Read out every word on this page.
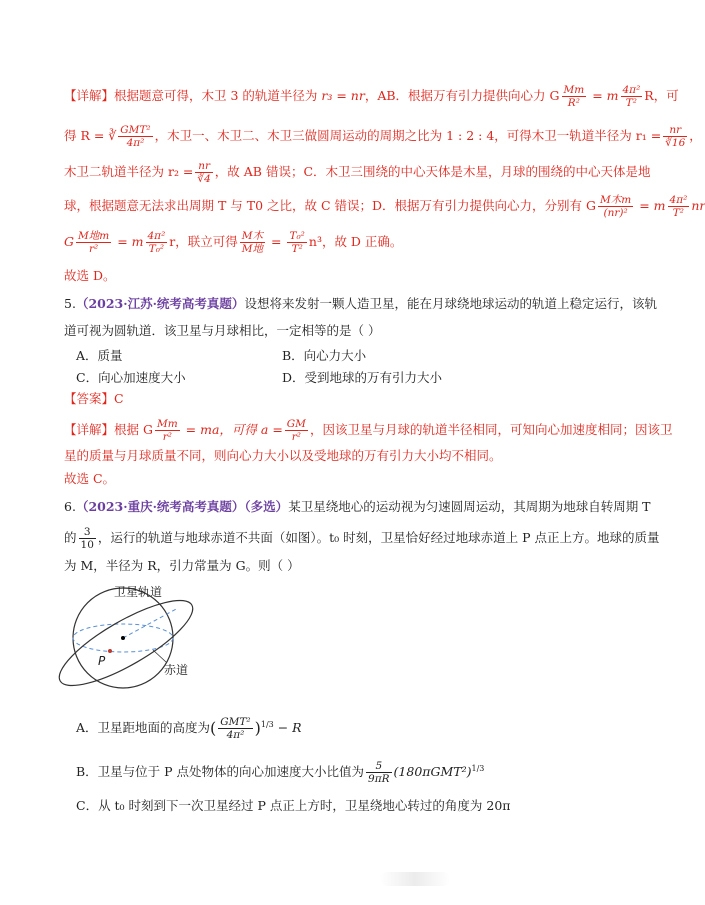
【详解】根据题意可得，木卫 3 的轨道半径为 r₃ = nr，AB．根据万有引力提供向心力 G $\frac{Mm}{\text{R²}} = m \frac{\text{4π²}}{\text{T²}}$ R，可
得 R = ∛ $\frac{\text{GMT²}}{\text{4π²}}$ ，木卫一、木卫二、木卫三做圆周运动的周期之比为 1 : 2 : 4，可得木卫一轨道半径为 $r_1 = \frac{nr}{∛16}$ ，
木卫二轨道半径为 $r_2 = \frac{nr}{∛4}$ ，故 AB 错误；C．木卫三围绕的中心天体是木星，月球的围绕的中心天体是地
球，根据题意无法求出周期 T 与 T0 之比，故 C 错误；D．根据万有引力提供向心力，分别有 G $\frac{\text{M木m}}{\text{(nr)²}} = m \frac{\text{4π²}}{\text{T²}}$ nr
G $\frac{\text{M地m}}{\text{r²}} = m \frac{\text{4π²}}{\text{T₀²}}$ r，联立可得 $\frac{\text{M木}}{\text{M地}} = \frac{\text{T₀²}}{\text{T²}} n^3$，故 D 正确。
故选 D。
5.（2023·江苏·统考高考真题）设想将来发射一颗人造卫星，能在月球绕地球运动的轨道上稳定运行，该轨
道可视为圆轨道．该卫星与月球相比，一定相等的是（ ）
A．质量	B．向心力大小
C．向心加速度大小	D．受到地球的万有引力大小
【答案】C
【详解】根据 G $\frac{Mm}{\text{r²}}$ = ma，可得 $a = \frac{GM}{\text{r²}}$ ，因该卫星与月球的轨道半径相同，可知向心加速度相同；因该卫
星的质量与月球质量不同，则向心力大小以及受地球的万有引力大小均不相同。
故选 C。
6.（2023·重庆·统考高考真题）（多选）某卫星绕地心的运动视为匀速圆周运动，其周期为地球自转周期 T
的 $\frac{3}{10}$ ，运行的轨道与地球赤道不共面（如图）。t₀ 时刻，卫星恰好经过地球赤道上 P 点正上方。地球的质量
为 M，半径为 R，引力常量为 G。则（ ）
卫星轨道
赤道
P
A．卫星距地面的高度为( $\frac{\text{GMT²}}{\text{4π²}} )^{1/3} - R$
B．卫星与位于 P 点处物体的向心加速度大小比值为 $\frac{5}{9\pi R} (180\pi GMT^2)^{1/3}$
C．从 t₀ 时刻到下一次卫星经过 P 点正上方时，卫星绕地心转过的角度为 20π
